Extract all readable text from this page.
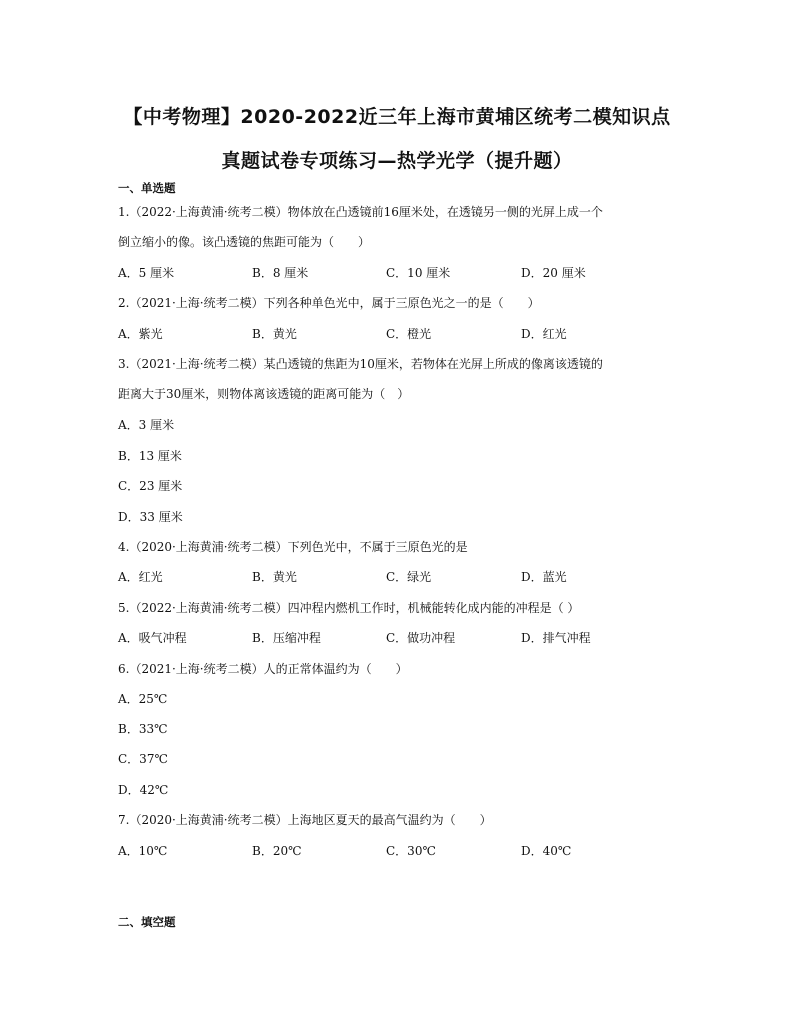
【中考物理】2020-2022近三年上海市黄埔区统考二模知识点
真题试卷专项练习—热学光学（提升题）
一、单选题
1.（2022·上海黄浦·统考二模）物体放在凸透镜前16厘米处，在透镜另一侧的光屏上成一个
倒立缩小的像。该凸透镜的焦距可能为（　　）
A．5 厘米	B．8 厘米	C．10 厘米	D．20 厘米
2.（2021·上海·统考二模）下列各种单色光中，属于三原色光之一的是（　　）
A．紫光	B．黄光	C．橙光	D．红光
3.（2021·上海·统考二模）某凸透镜的焦距为10厘米，若物体在光屏上所成的像离该透镜的
距离大于30厘米，则物体离该透镜的距离可能为（　）
A．3 厘米
B．13 厘米
C．23 厘米
D．33 厘米
4.（2020·上海黄浦·统考二模）下列色光中，不属于三原色光的是
A．红光	B．黄光	C．绿光	D．蓝光
5.（2022·上海黄浦·统考二模）四冲程内燃机工作时，机械能转化成内能的冲程是（ ）
A．吸气冲程	B．压缩冲程	C．做功冲程	D．排气冲程
6.（2021·上海·统考二模）人的正常体温约为（　　）
A．25℃
B．33℃
C．37℃
D．42℃
7.（2020·上海黄浦·统考二模）上海地区夏天的最高气温约为（　　）
A．10℃	B．20℃	C．30℃	D．40℃
二、填空题
